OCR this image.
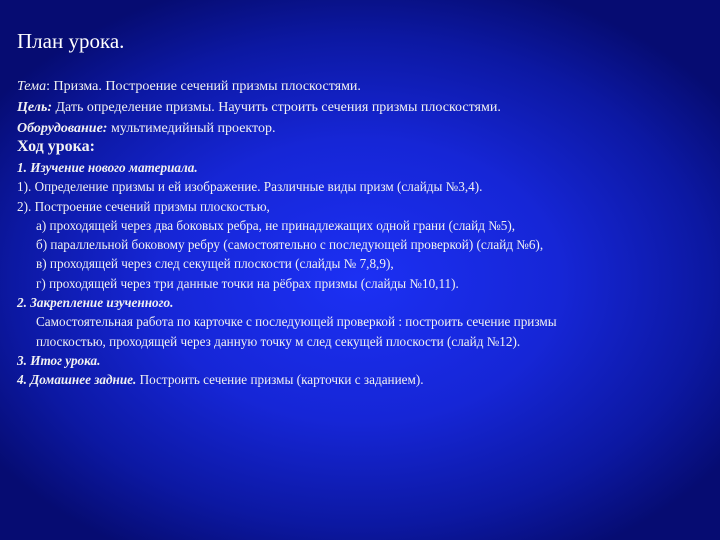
План урока.
Тема: Призма. Построение сечений призмы плоскостями.
Цель: Дать определение призмы. Научить строить сечения призмы плоскостями.
Оборудование: мультимедийный проектор.
Ход урока:
1. Изучение нового материала.
1). Определение призмы и ей изображение. Различные виды призм (слайды №3,4).
2). Построение сечений призмы плоскостью,
а) проходящей через два боковых ребра, не принадлежащих одной грани (слайд №5),
б) параллельной боковому ребру (самостоятельно с последующей проверкой) (слайд №6),
в) проходящей через след секущей плоскости (слайды № 7,8,9),
г) проходящей через три данные точки на рёбрах призмы (слайды №10,11).
2. Закрепление изученного.
Самостоятельная работа по карточке с последующей проверкой : построить сечение призмы
плоскостью, проходящей через данную точку м след секущей плоскости (слайд №12).
3. Итог урока.
4. Домашнее задние. Построить сечение призмы (карточки с заданием).
